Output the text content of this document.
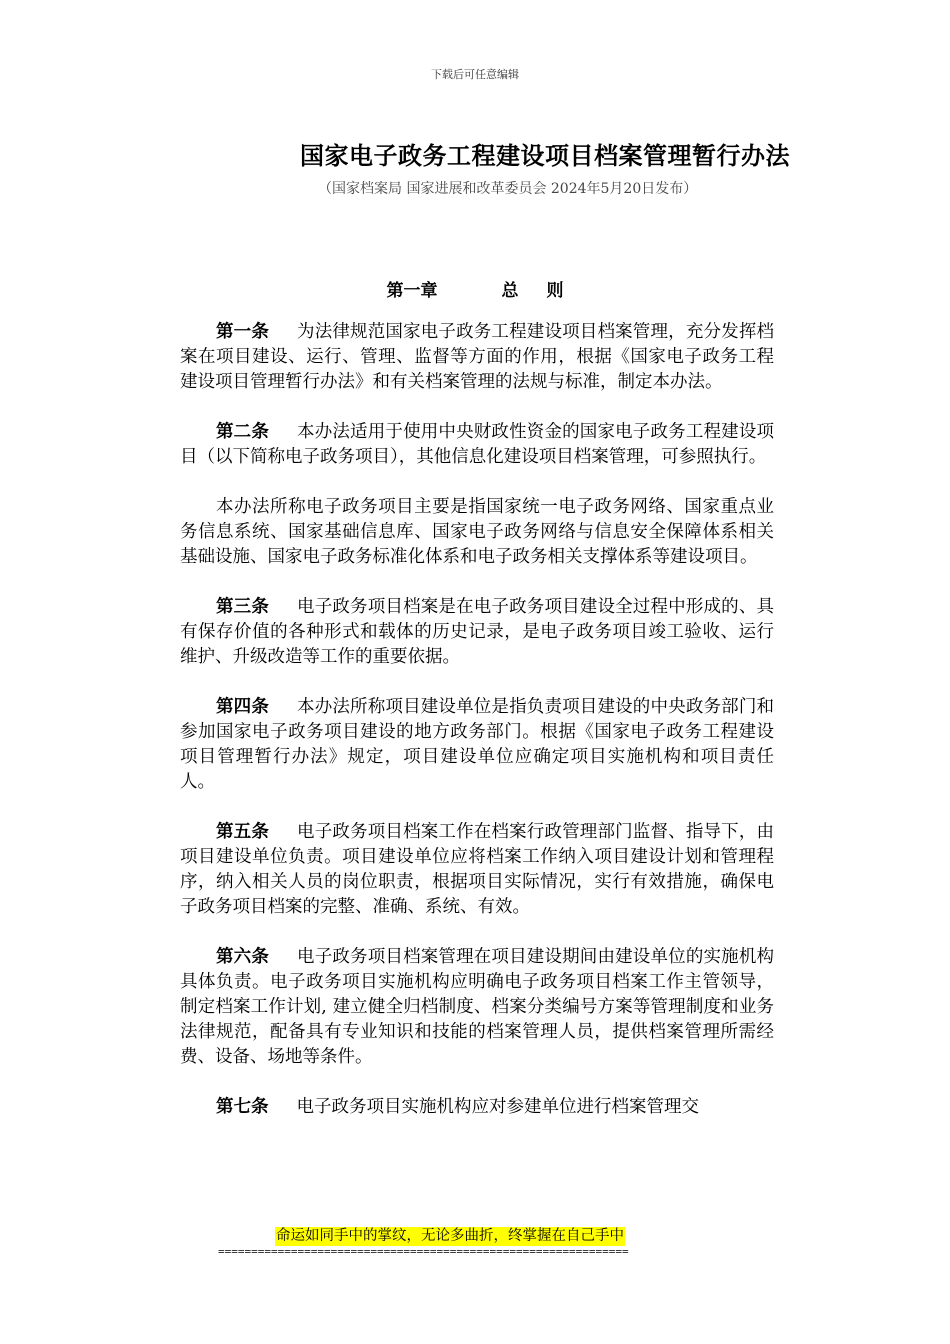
下载后可任意编辑
国家电子政务工程建设项目档案管理暂行办法
（国家档案局 国家进展和改革委员会 2024年5月20日发布）
第一章	总 则

第一条 为法律规范国家电子政务工程建设项目档案管理，充分发挥档案在项目建设、运行、管理、监督等方面的作用，根据《国家电子政务工程建设项目管理暂行办法》和有关档案管理的法规与标准，制定本办法。

第二条 本办法适用于使用中央财政性资金的国家电子政务工程建设项目（以下简称电子政务项目），其他信息化建设项目档案管理，可参照执行。

本办法所称电子政务项目主要是指国家统一电子政务网络、国家重点业务信息系统、国家基础信息库、国家电子政务网络与信息安全保障体系相关基础设施、国家电子政务标准化体系和电子政务相关支撑体系等建设项目。

第三条 电子政务项目档案是在电子政务项目建设全过程中形成的、具有保存价值的各种形式和载体的历史记录，是电子政务项目竣工验收、运行维护、升级改造等工作的重要依据。

第四条 本办法所称项目建设单位是指负责项目建设的中央政务部门和参加国家电子政务项目建设的地方政务部门。根据《国家电子政务工程建设项目管理暂行办法》规定，项目建设单位应确定项目实施机构和项目责任人。

第五条 电子政务项目档案工作在档案行政管理部门监督、指导下，由项目建设单位负责。项目建设单位应将档案工作纳入项目建设计划和管理程序，纳入相关人员的岗位职责，根据项目实际情况，实行有效措施，确保电子政务项目档案的完整、准确、系统、有效。

第六条 电子政务项目档案管理在项目建设期间由建设单位的实施机构具体负责。电子政务项目实施机构应明确电子政务项目档案工作主管领导，制定档案工作计划, 建立健全归档制度、档案分类编号方案等管理制度和业务法律规范，配备具有专业知识和技能的档案管理人员，提供档案管理所需经费、设备、场地等条件。

第七条 电子政务项目实施机构应对参建单位进行档案管理交

命运如同手中的掌纹，无论多曲折，终掌握在自己手中
==============================================================
